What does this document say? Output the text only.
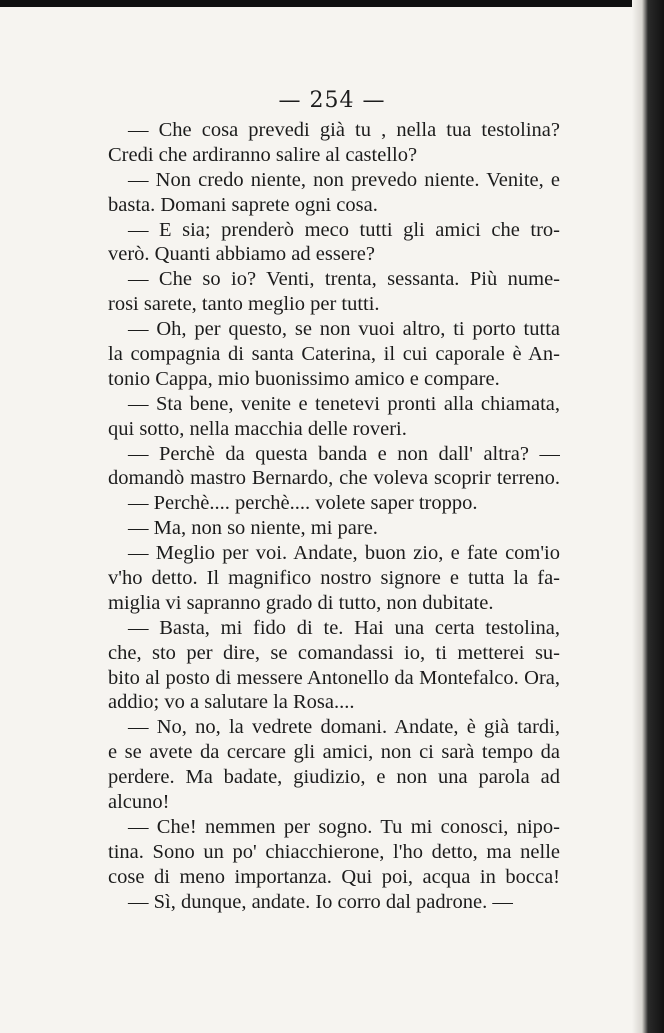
— 254 —
— Che cosa prevedi già tu , nella tua testolina?
Credi che ardiranno salire al castello?
— Non credo niente, non prevedo niente. Venite, e
basta. Domani saprete ogni cosa.
— E sia; prenderò meco tutti gli amici che tro-
verò. Quanti abbiamo ad essere?
— Che so io? Venti, trenta, sessanta. Più nume-
rosi sarete, tanto meglio per tutti.
— Oh, per questo, se non vuoi altro, ti porto tutta
la compagnia di santa Caterina, il cui caporale è An-
tonio Cappa, mio buonissimo amico e compare.
— Sta bene, venite e tenetevi pronti alla chiamata,
qui sotto, nella macchia delle roveri.
— Perchè da questa banda e non dall' altra? —
domandò mastro Bernardo, che voleva scoprir terreno.
— Perchè.... perchè.... volete saper troppo.
— Ma, non so niente, mi pare.
— Meglio per voi. Andate, buon zio, e fate com'io
v'ho detto. Il magnifico nostro signore e tutta la fa-
miglia vi sapranno grado di tutto, non dubitate.
— Basta, mi fido di te. Hai una certa testolina,
che, sto per dire, se comandassi io, ti metterei su-
bito al posto di messere Antonello da Montefalco. Ora,
addio; vo a salutare la Rosa....
— No, no, la vedrete domani. Andate, è già tardi,
e se avete da cercare gli amici, non ci sarà tempo da
perdere. Ma badate, giudizio, e non una parola ad
alcuno!
— Che! nemmen per sogno. Tu mi conosci, nipo-
tina. Sono un po' chiacchierone, l'ho detto, ma nelle
cose di meno importanza. Qui poi, acqua in bocca!
— Sì, dunque, andate. Io corro dal padrone. —
